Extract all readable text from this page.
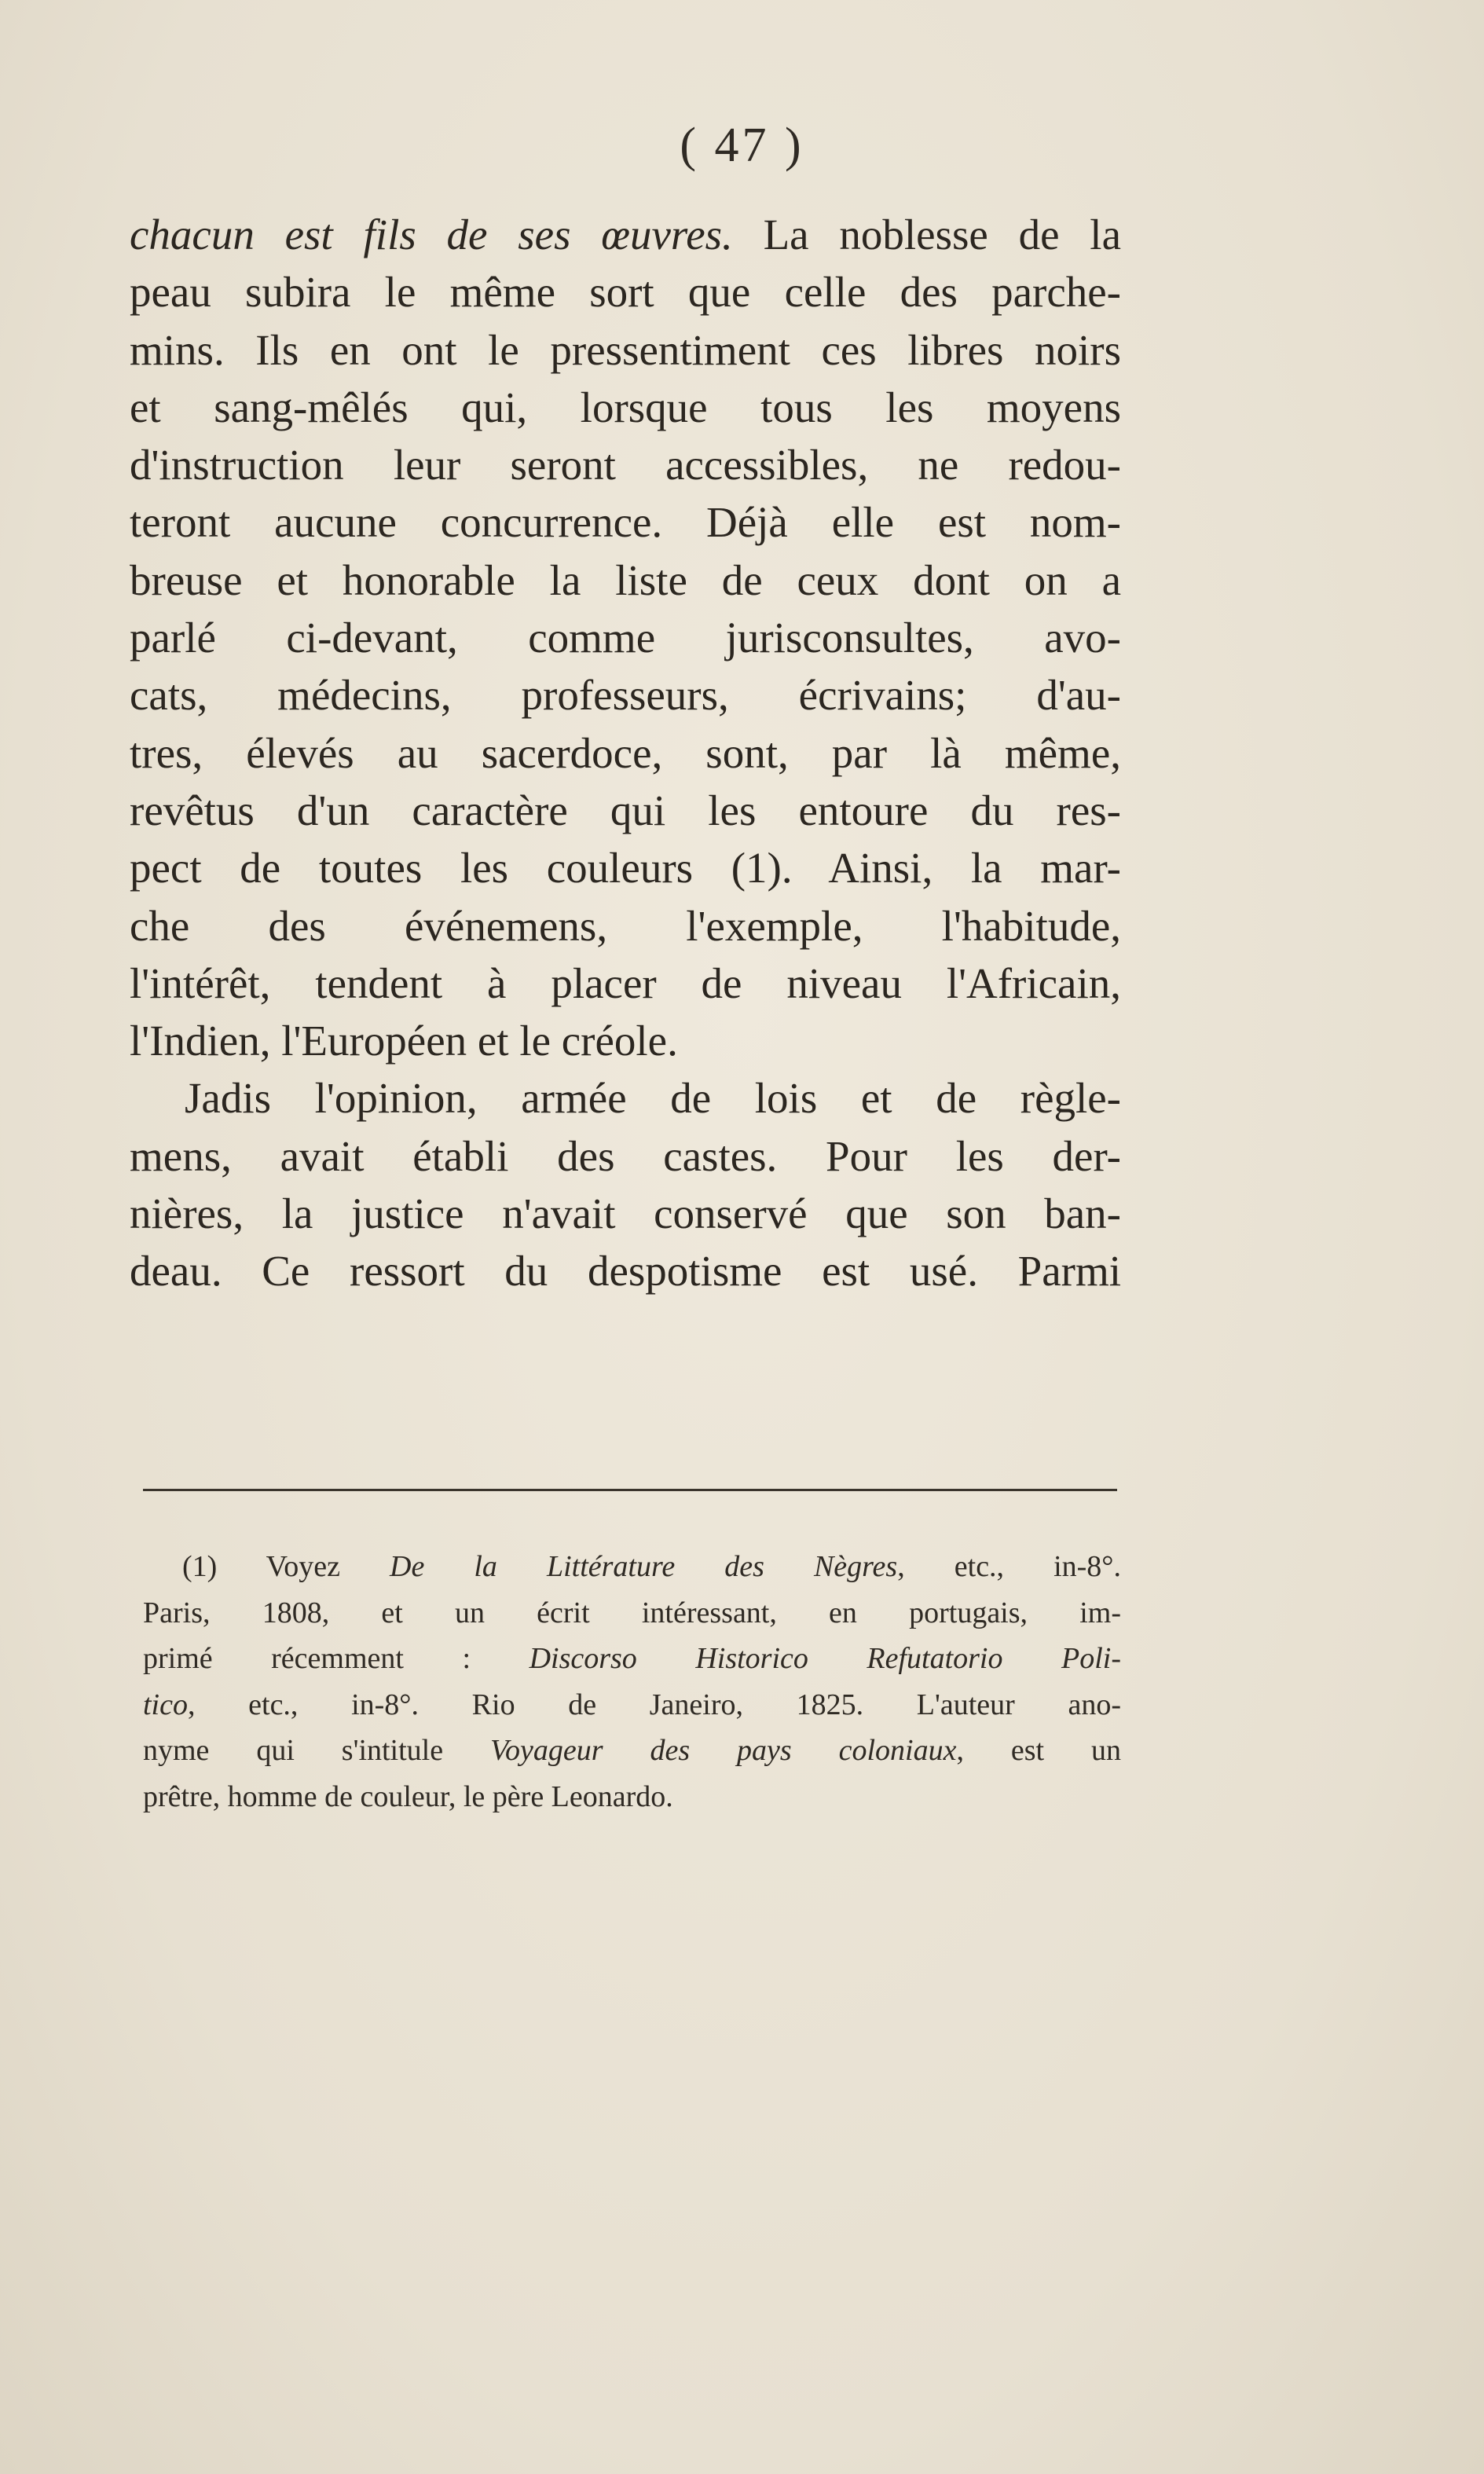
( 47 )
chacun est fils de ses œuvres. La noblesse de la
peau subira le même sort que celle des parche-
mins. Ils en ont le pressentiment ces libres noirs
et sang-mêlés qui, lorsque tous les moyens
d'instruction leur seront accessibles, ne redou-
teront aucune concurrence. Déjà elle est nom-
breuse et honorable la liste de ceux dont on a
parlé ci-devant, comme jurisconsultes, avo-
cats, médecins, professeurs, écrivains; d'au-
tres, élevés au sacerdoce, sont, par là même,
revêtus d'un caractère qui les entoure du res-
pect de toutes les couleurs (1). Ainsi, la mar-
che des événemens, l'exemple, l'habitude,
l'intérêt, tendent à placer de niveau l'Africain,
l'Indien, l'Européen et le créole.
Jadis l'opinion, armée de lois et de règle-
mens, avait établi des castes. Pour les der-
nières, la justice n'avait conservé que son ban-
deau. Ce ressort du despotisme est usé. Parmi
(1) Voyez De la Littérature des Nègres, etc., in-8°.
Paris, 1808, et un écrit intéressant, en portugais, im-
primé récemment : Discorso Historico Refutatorio Poli-
tico, etc., in-8°. Rio de Janeiro, 1825. L'auteur ano-
nyme qui s'intitule Voyageur des pays coloniaux, est un
prêtre, homme de couleur, le père Leonardo.
